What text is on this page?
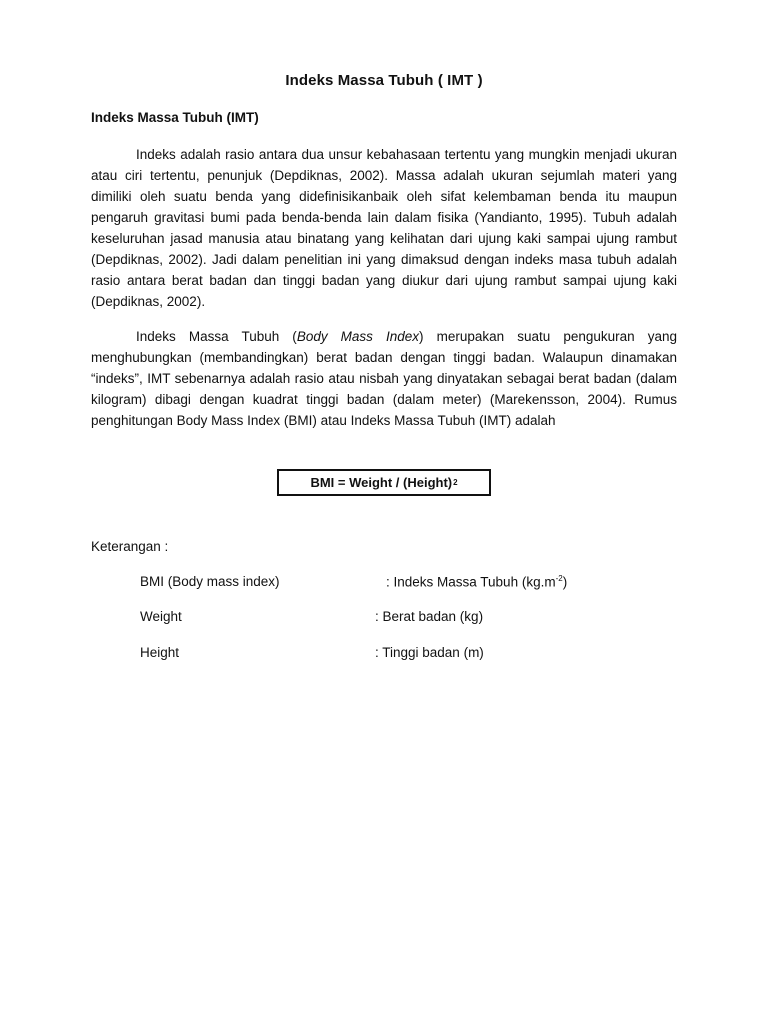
Indeks Massa Tubuh ( IMT )
Indeks Massa Tubuh (IMT)

Indeks adalah rasio antara dua unsur kebahasaan tertentu yang mungkin menjadi ukuran atau ciri tertentu, penunjuk (Depdiknas, 2002). Massa adalah ukuran sejumlah materi yang dimiliki oleh suatu benda yang didefinisikanbaik oleh sifat kelembaman benda itu maupun pengaruh gravitasi bumi pada benda-benda lain dalam fisika (Yandianto, 1995). Tubuh adalah keseluruhan jasad manusia atau binatang yang kelihatan dari ujung kaki sampai ujung rambut (Depdiknas, 2002). Jadi dalam penelitian ini yang dimaksud dengan indeks masa tubuh adalah rasio antara berat badan dan tinggi badan yang diukur dari ujung rambut sampai ujung kaki (Depdiknas, 2002).

Indeks Massa Tubuh (Body Mass Index) merupakan suatu pengukuran yang menghubungkan (membandingkan) berat badan dengan tinggi badan. Walaupun dinamakan “indeks”, IMT sebenarnya adalah rasio atau nisbah yang dinyatakan sebagai berat badan (dalam kilogram) dibagi dengan kuadrat tinggi badan (dalam meter) (Marekensson, 2004). Rumus penghitungan Body Mass Index (BMI) atau Indeks Massa Tubuh (IMT) adalah

BMI = Weight / (Height) 2
Keterangan :
BMI (Body mass index)	: Indeks Massa Tubuh $(kg.m^{-2})$
Weight	: Berat badan (kg)
Height	: Tinggi badan (m)
